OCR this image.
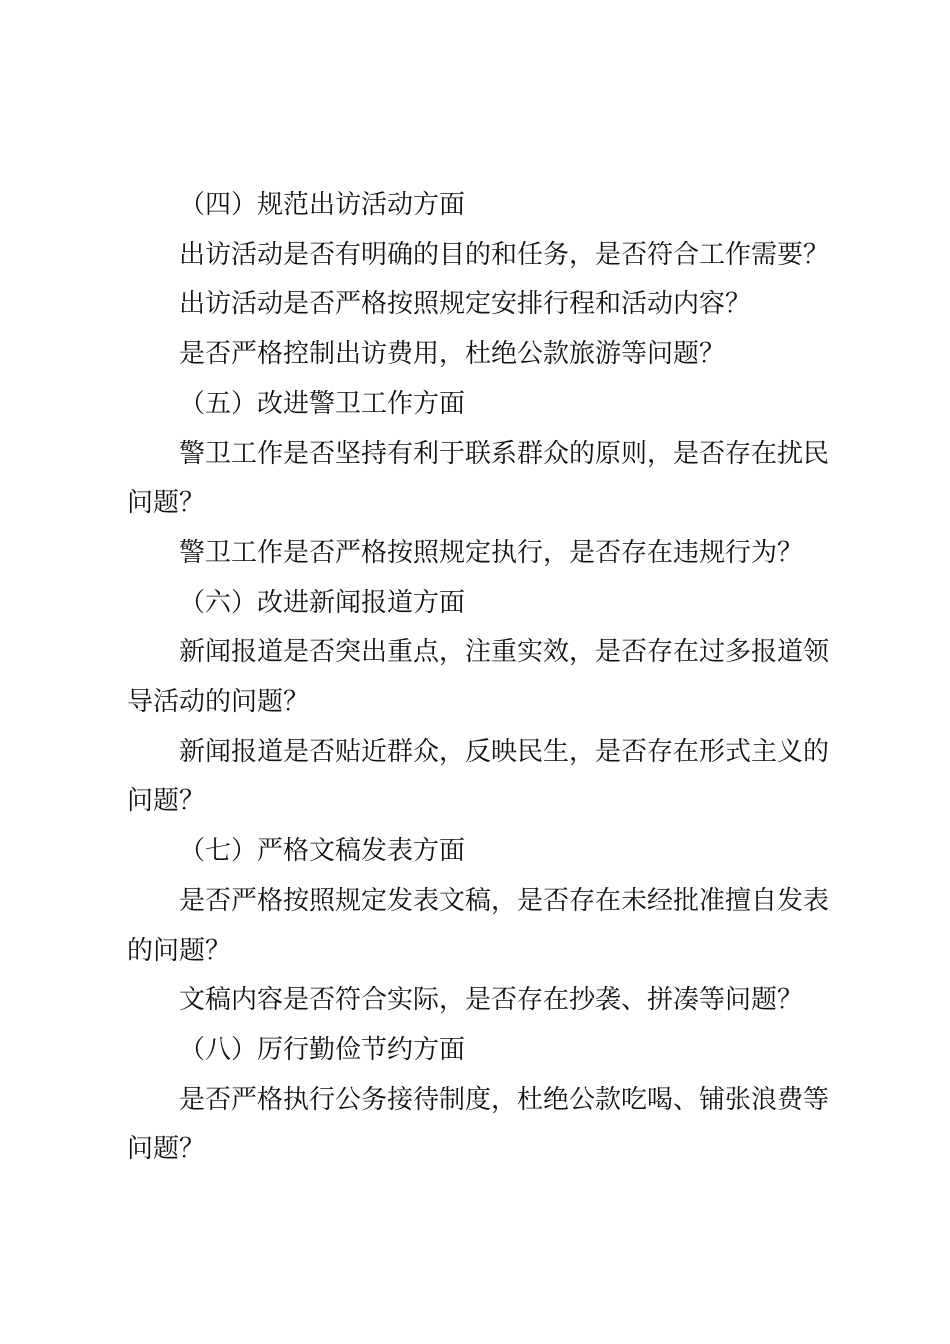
（四）规范出访活动方面

出访活动是否有明确的目的和任务，是否符合工作需要？

出访活动是否严格按照规定安排行程和活动内容？

是否严格控制出访费用，杜绝公款旅游等问题？

（五）改进警卫工作方面

警卫工作是否坚持有利于联系群众的原则，是否存在扰民
问题？

警卫工作是否严格按照规定执行，是否存在违规行为？

（六）改进新闻报道方面

新闻报道是否突出重点，注重实效，是否存在过多报道领
导活动的问题？

新闻报道是否贴近群众，反映民生，是否存在形式主义的
问题？

（七）严格文稿发表方面

是否严格按照规定发表文稿，是否存在未经批准擅自发表
的问题？

文稿内容是否符合实际，是否存在抄袭、拼凑等问题？

（八）厉行勤俭节约方面

是否严格执行公务接待制度，杜绝公款吃喝、铺张浪费等
问题？
